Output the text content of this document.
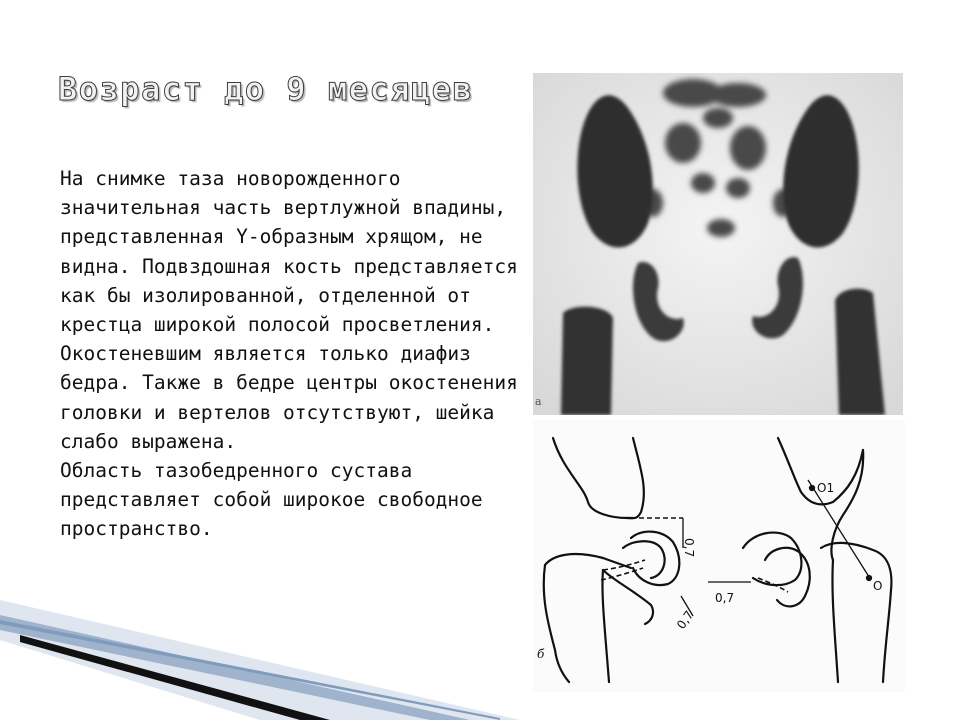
Возраст до 9 месяцев

На снимке таза новорожденного значительная часть вертлужной впадины, представленная Y-образным хрящом, не видна. Подвздошная кость представляется как бы изолированной, отделенной от крестца широкой полосой просветления. Окостеневшим является только диафиз бедра. Также в бедре центры окостенения головки и вертелов отсутствуют, шейка слабо выражена.

Область тазобедренного сустава представляет собой широкое свободное пространство.

а
0,7
0,7
0,7
O1
O
б
